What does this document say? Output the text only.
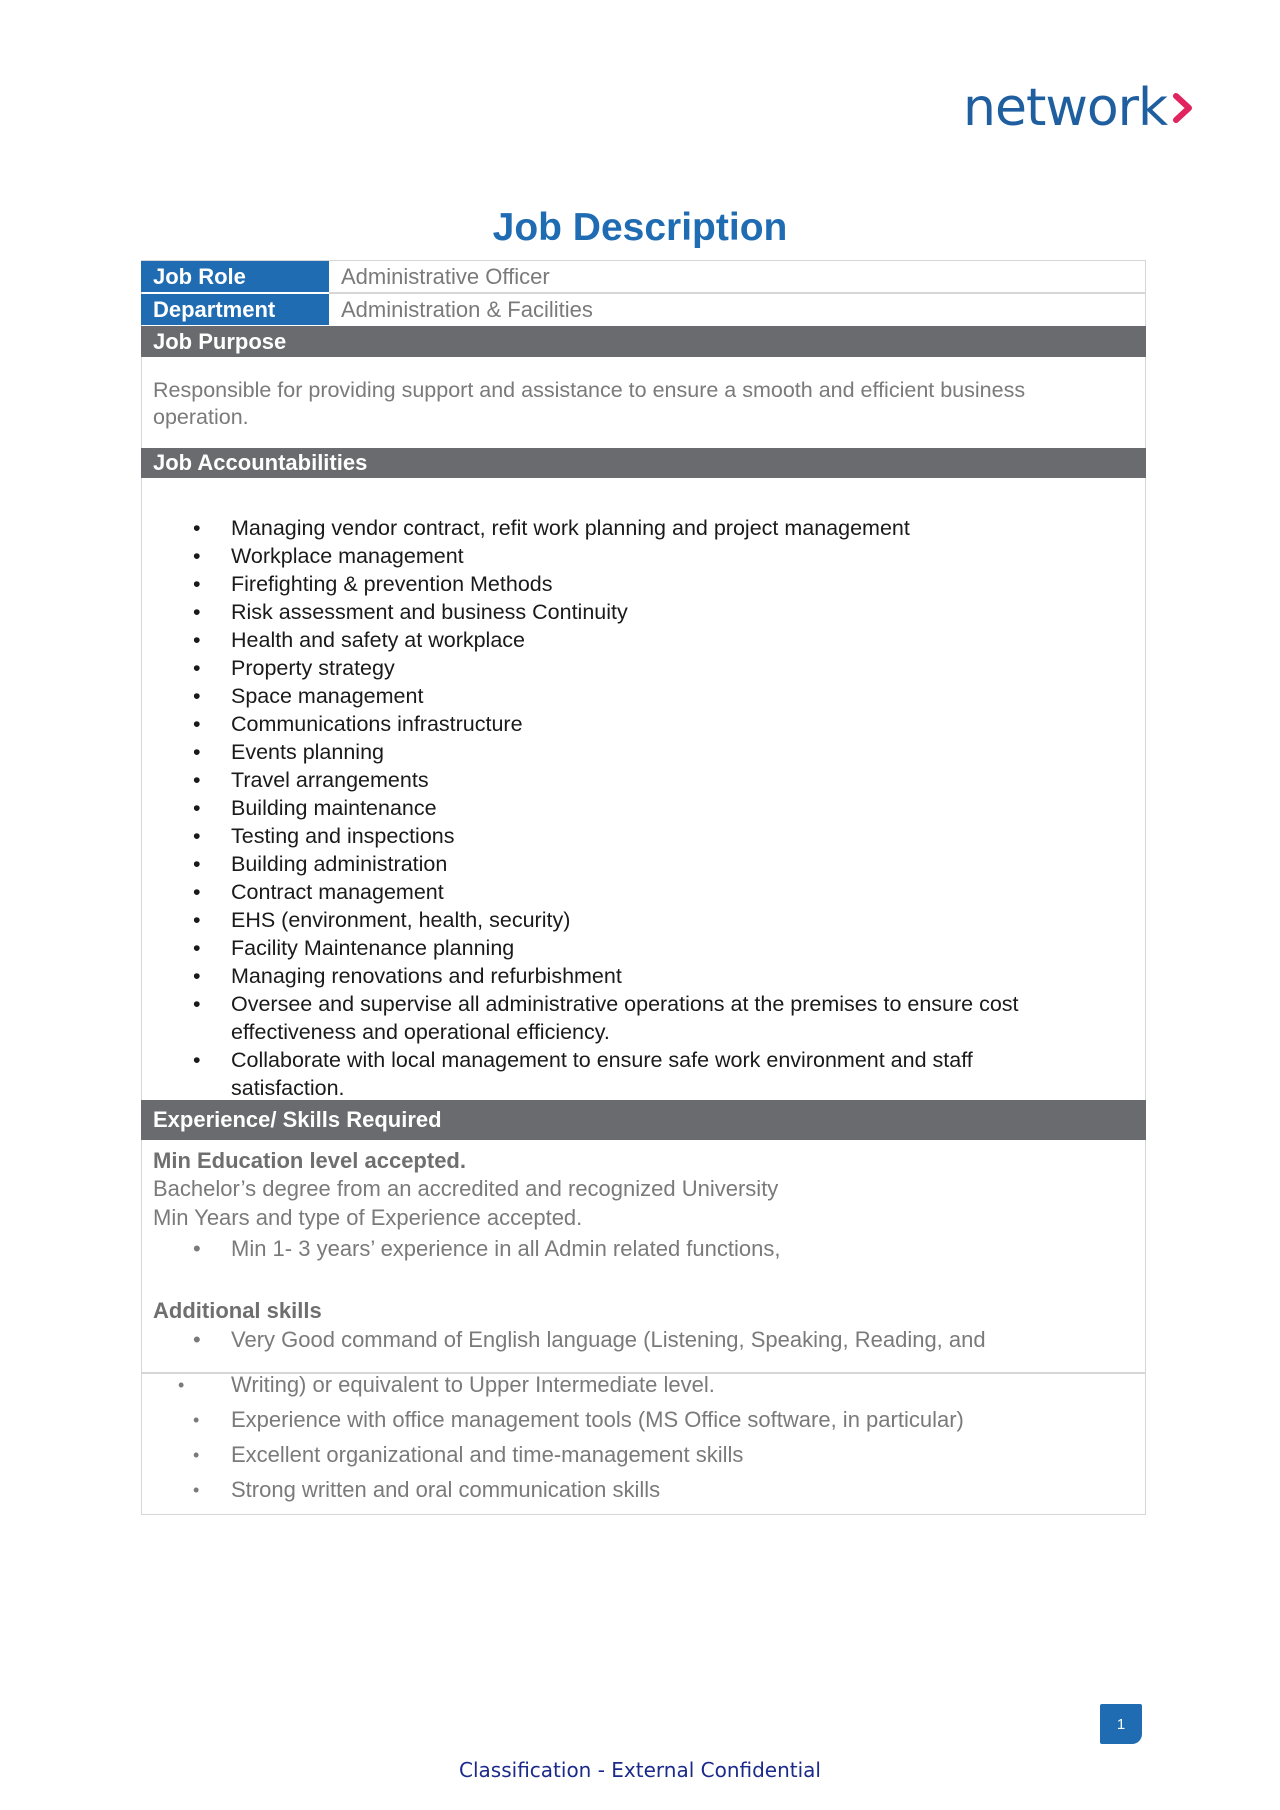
network
Job Description
Job Role	Administrative Officer
Department	Administration & Facilities
Job Purpose
Responsible for providing support and assistance to ensure a smooth and efficient business operation.
Job Accountabilities
• Managing vendor contract, refit work planning and project management
• Workplace management
• Firefighting & prevention Methods
• Risk assessment and business Continuity
• Health and safety at workplace
• Property strategy
• Space management
• Communications infrastructure
• Events planning
• Travel arrangements
• Building maintenance
• Testing and inspections
• Building administration
• Contract management
• EHS (environment, health, security)
• Facility Maintenance planning
• Managing renovations and refurbishment
• Oversee and supervise all administrative operations at the premises to ensure cost effectiveness and operational efficiency.
• Collaborate with local management to ensure safe work environment and staff satisfaction.
Experience/ Skills Required
Min Education level accepted.
Bachelor’s degree from an accredited and recognized University
Min Years and type of Experience accepted.
• Min 1- 3 years’ experience in all Admin related functions,
Additional skills
• Very Good command of English language (Listening, Speaking, Reading, and
• Writing) or equivalent to Upper Intermediate level.
• Experience with office management tools (MS Office software, in particular)
• Excellent organizational and time-management skills
• Strong written and oral communication skills
1
Classification - External Confidential
